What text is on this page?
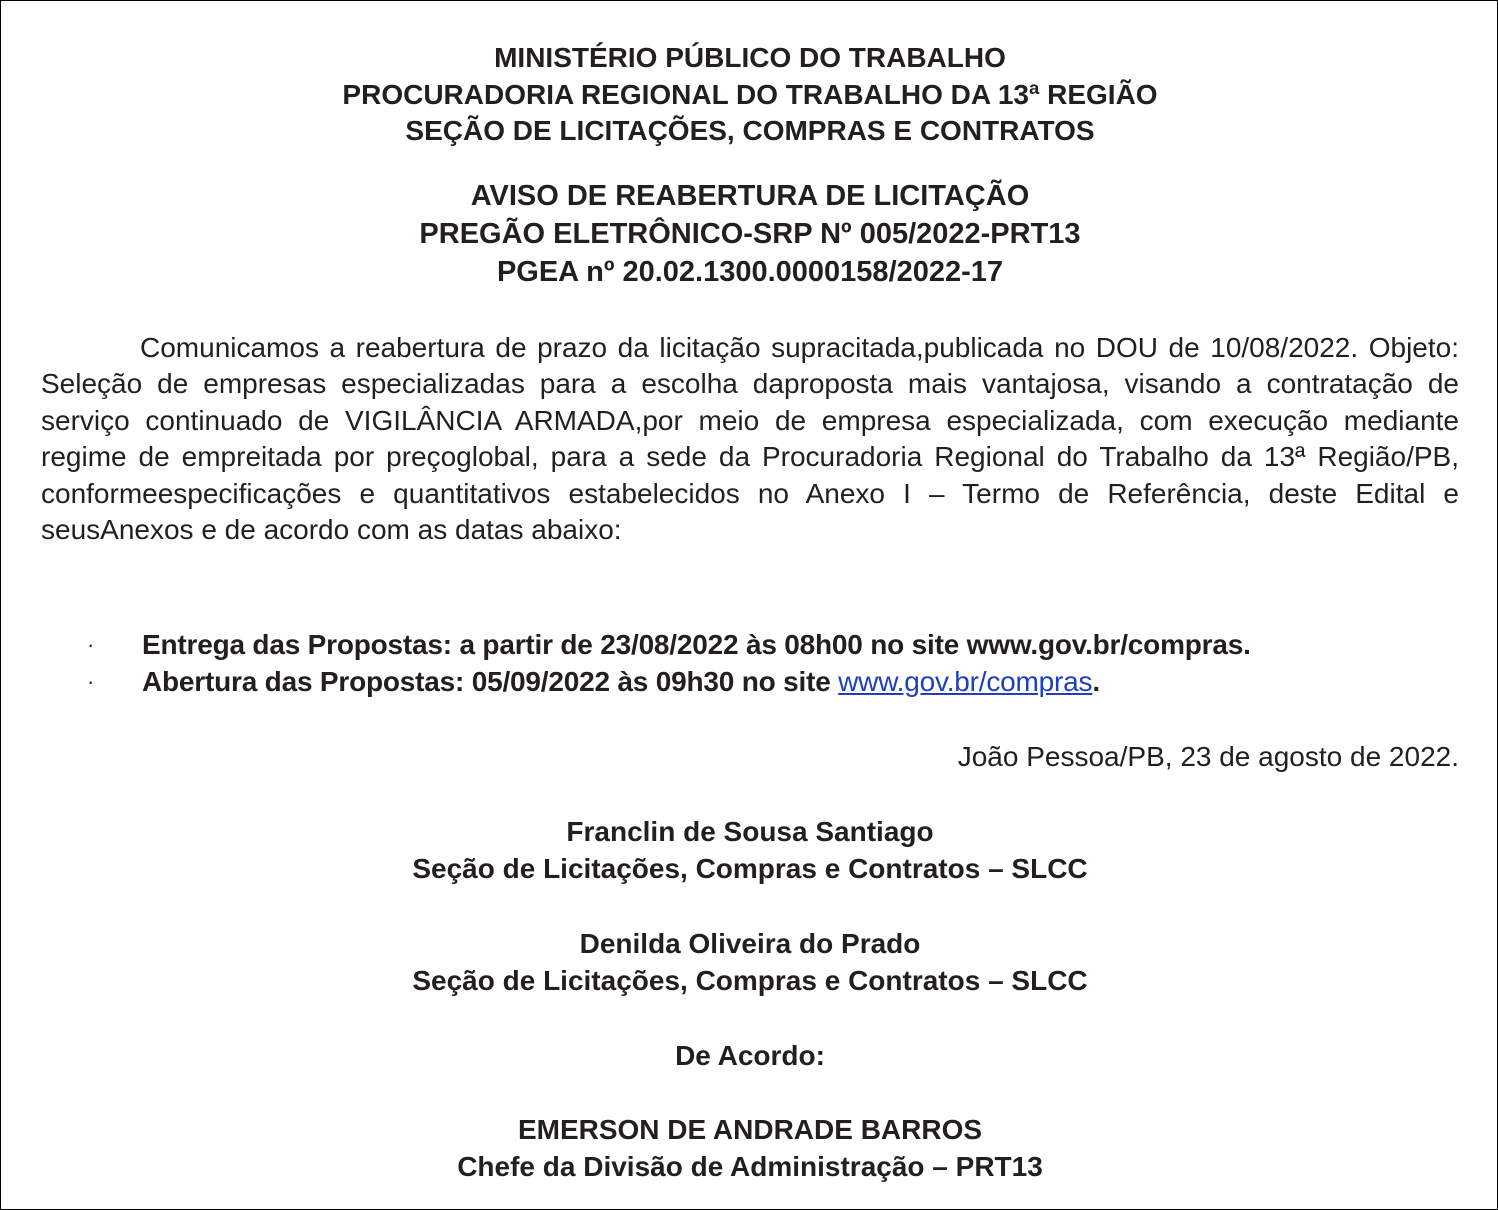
MINISTÉRIO PÚBLICO DO TRABALHO
PROCURADORIA REGIONAL DO TRABALHO DA 13ª REGIÃO
SEÇÃO DE LICITAÇÕES, COMPRAS E CONTRATOS
AVISO DE REABERTURA DE LICITAÇÃO
PREGÃO ELETRÔNICO-SRP Nº 005/2022-PRT13
PGEA nº 20.02.1300.0000158/2022-17
Comunicamos a reabertura de prazo da licitação supracitada,publicada no DOU de 10/08/2022. Objeto: Seleção de empresas especializadas para a escolha daproposta mais vantajosa, visando a contratação de serviço continuado de VIGILÂNCIA ARMADA,por meio de empresa especializada, com execução mediante regime de empreitada por preçoglobal, para a sede da Procuradoria Regional do Trabalho da 13ª Região/PB, conformeespecificações e quantitativos estabelecidos no Anexo I – Termo de Referência, deste Edital e seusAnexos e de acordo com as datas abaixo:
· Entrega das Propostas: a partir de 23/08/2022 às 08h00 no site www.gov.br/compras.
· Abertura das Propostas: 05/09/2022 às 09h30 no site www.gov.br/compras.
João Pessoa/PB, 23 de agosto de 2022.
Franclin de Sousa Santiago
Seção de Licitações, Compras e Contratos – SLCC
Denilda Oliveira do Prado
Seção de Licitações, Compras e Contratos – SLCC
De Acordo:
EMERSON DE ANDRADE BARROS
Chefe da Divisão de Administração – PRT13
